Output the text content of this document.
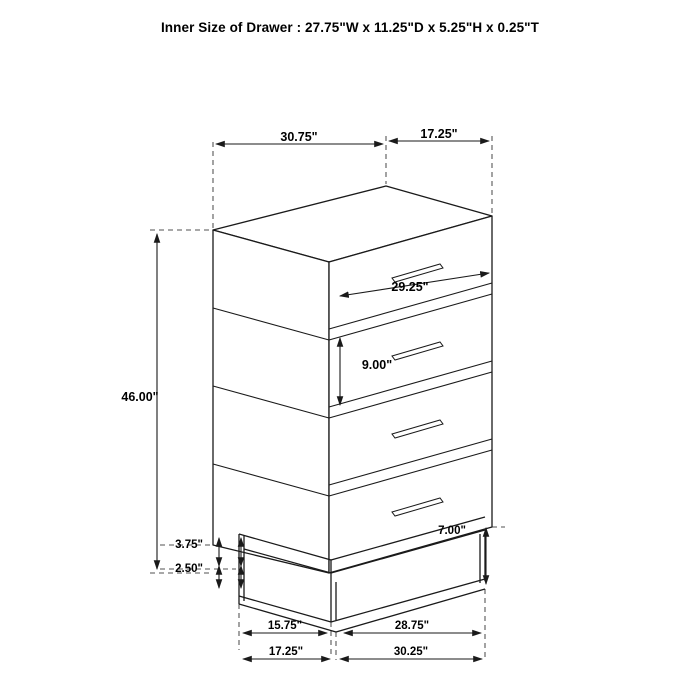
Inner Size of Drawer : 27.75"W x 11.25"D x 5.25"H x 0.25"T
30.75"	17.25"
46.00"
29.25"
9.00"
3.75"
2.50"
7.00"
15.75"	28.75"
17.25"	30.25"
